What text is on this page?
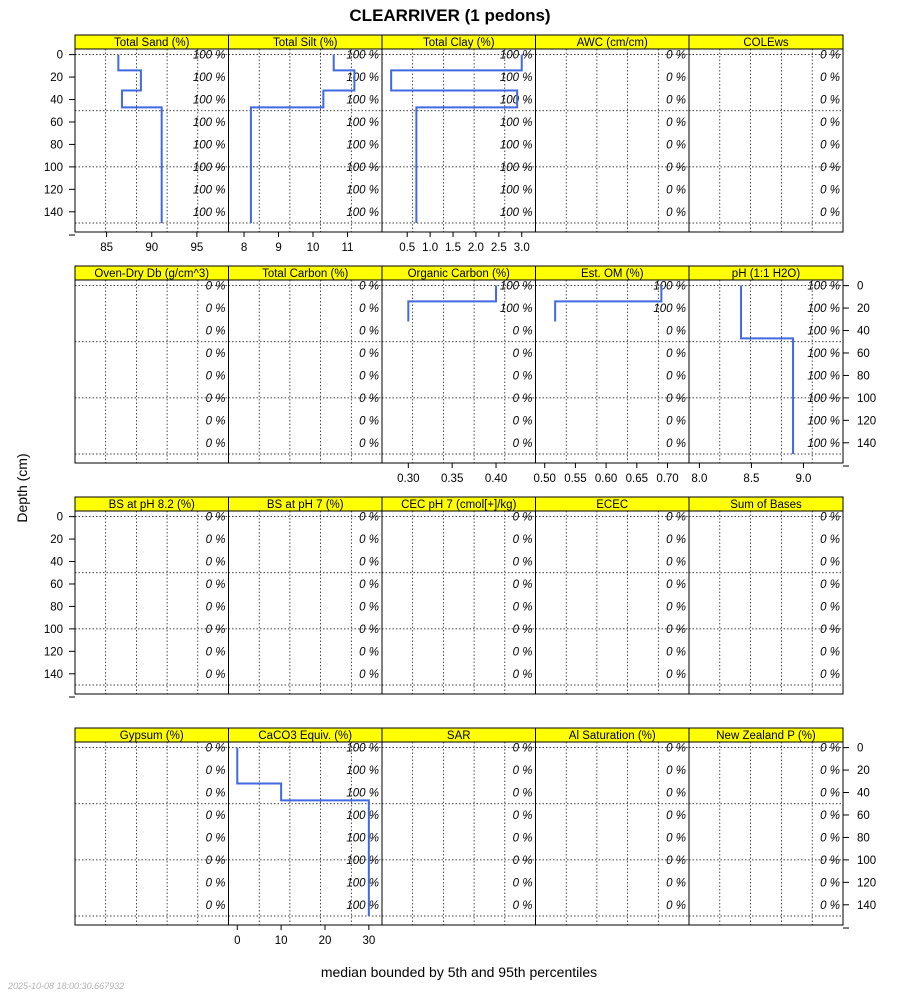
CLEARRIVER (1 pedons)
Depth (cm)
median bounded by 5th and 95th percentiles
2025-10-08 18:00:30.667932
Total Sand (%)
100 %
100 %
100 %
100 %
100 %
100 %
100 %
100 %
Total Silt (%)
100 %
100 %
100 %
100 %
100 %
100 %
100 %
100 %
Total Clay (%)
100 %
100 %
100 %
100 %
100 %
100 %
100 %
100 %
AWC (cm/cm)
0 %
0 %
0 %
0 %
0 %
0 %
0 %
0 %
COLEws
0 %
0 %
0 %
0 %
0 %
0 %
0 %
0 %
0
20
40
60
80
100
120
140
85	90	95	8 9 10 11	0.5 1.0 1.5 2.0 2.5 3.0
Oven-Dry Db (g/cm^3)
0 %
0 %
0 %
0 %
0 %
0 %
0 %
0 %
Total Carbon (%)
0 %
0 %
0 %
0 %
0 %
0 %
0 %
0 %
Organic Carbon (%)
100 %
100 %
0 %
0 %
0 %
0 %
0 %
0 %
Est. OM (%)
100 %
100 %
0 %
0 %
0 %
0 %
0 %
0 %
pH (1:1 H2O)
100 %
100 %
100 %
100 %
100 %
100 %
100 %
100 %
0
20
40
60
80
100
120
140
0.30 0.35 0.40 0.50 0.55 0.60 0.65 0.70 8.0	8.5	9.0
BS at pH 8.2 (%)
0 %
0 %
0 %
0 %
0 %
0 %
0 %
0 %
BS at pH 7 (%)
0 %
0 %
0 %
0 %
0 %
0 %
0 %
0 %
CEC pH 7 (cmol[+]/kg)
0 %
0 %
0 %
0 %
0 %
0 %
0 %
0 %
ECEC
0 %
0 %
0 %
0 %
0 %
0 %
0 %
0 %
Sum of Bases
0 %
0 %
0 %
0 %
0 %
0 %
0 %
0 %
0
20
40
60
80
100
120
140
Gypsum (%)
0 %
0 %
0 %
0 %
0 %
0 %
0 %
0 %
CaCO3 Equiv. (%)
100 %
100 %
100 %
100 %
100 %
100 %
100 %
100 %
SAR
0 %
0 %
0 %
0 %
0 %
0 %
0 %
0 %
Al Saturation (%)
0 %
0 %
0 %
0 %
0 %
0 %
0 %
0 %
New Zealand P (%)
0 %
0 %
0 %
0 %
0 %
0 %
0 %
0 %
0
20
40
60
80
100
120
140
0	10	20	30
